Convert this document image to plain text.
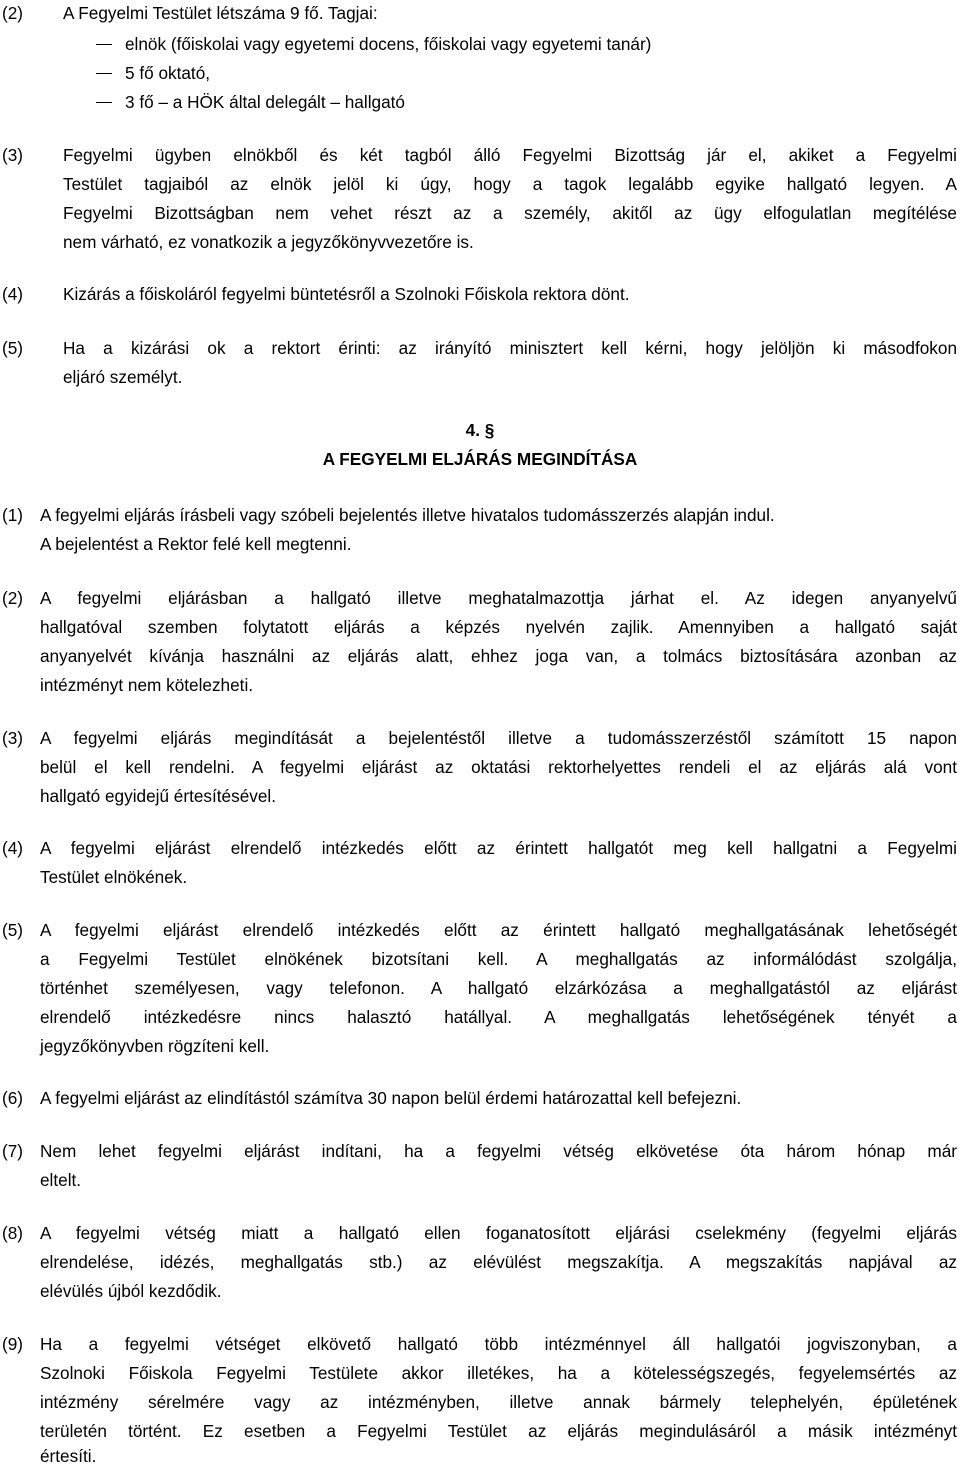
(2) A Fegyelmi Testület létszáma 9 fő. Tagjai:
elnök (főiskolai vagy egyetemi docens, főiskolai vagy egyetemi tanár)
5 fő oktató,
3 fő – a HÖK által delegált – hallgató
(3) Fegyelmi ügyben elnökből és két tagból álló Fegyelmi Bizottság jár el, akiket a Fegyelmi
Testület tagjaiból az elnök jelöl ki úgy, hogy a tagok legalább egyike hallgató legyen. A
Fegyelmi Bizottságban nem vehet részt az a személy, akitől az ügy elfogulatlan megítélése
nem várható, ez vonatkozik a jegyzőkönyvvezetőre is.
(4) Kizárás a főiskoláról fegyelmi büntetésről a Szolnoki Főiskola rektora dönt.
(5) Ha a kizárási ok a rektort érinti: az irányító minisztert kell kérni, hogy jelöljön ki másodfokon
eljáró személyt.
4. §
A FEGYELMI ELJÁRÁS MEGINDÍTÁSA
(1) A fegyelmi eljárás írásbeli vagy szóbeli bejelentés illetve hivatalos tudomásszerzés alapján indul.
A bejelentést a Rektor felé kell megtenni.
(2) A fegyelmi eljárásban a hallgató illetve meghatalmazottja járhat el. Az idegen anyanyelvű
hallgatóval szemben folytatott eljárás a képzés nyelvén zajlik. Amennyiben a hallgató saját
anyanyelvét kívánja használni az eljárás alatt, ehhez joga van, a tolmács biztosítására azonban az
intézményt nem kötelezheti.
(3) A fegyelmi eljárás megindítását a bejelentéstől illetve a tudomásszerzéstől számított 15 napon
belül el kell rendelni. A fegyelmi eljárást az oktatási rektorhelyettes rendeli el az eljárás alá vont
hallgató egyidejű értesítésével.
(4) A fegyelmi eljárást elrendelő intézkedés előtt az érintett hallgatót meg kell hallgatni a Fegyelmi
Testület elnökének.
(5) A fegyelmi eljárást elrendelő intézkedés előtt az érintett hallgató meghallgatásának lehetőségét
a Fegyelmi Testület elnökének bizotsítani kell. A meghallgatás az informálódást szolgálja,
történhet személyesen, vagy telefonon. A hallgató elzárkózása a meghallgatástól az eljárást
elrendelő intézkedésre nincs halasztó hatállyal. A meghallgatás lehetőségének tényét a
jegyzőkönyvben rögzíteni kell.
(6) A fegyelmi eljárást az elindítástól számítva 30 napon belül érdemi határozattal kell befejezni.
(7) Nem lehet fegyelmi eljárást indítani, ha a fegyelmi vétség elkövetése óta három hónap már
eltelt.
(8) A fegyelmi vétség miatt a hallgató ellen foganatosított eljárási cselekmény (fegyelmi eljárás
elrendelése, idézés, meghallgatás stb.) az elévülést megszakítja. A megszakítás napjával az
elévülés újból kezdődik.
(9) Ha a fegyelmi vétséget elkövető hallgató több intézménnyel áll hallgatói jogviszonyban, a
Szolnoki Főiskola Fegyelmi Testülete akkor illetékes, ha a kötelességszegés, fegyelemsértés az
intézmény sérelmére vagy az intézményben, illetve annak bármely telephelyén, épületének
területén történt. Ez esetben a Fegyelmi Testület az eljárás megindulásáról a másik intézményt
értesíti.
